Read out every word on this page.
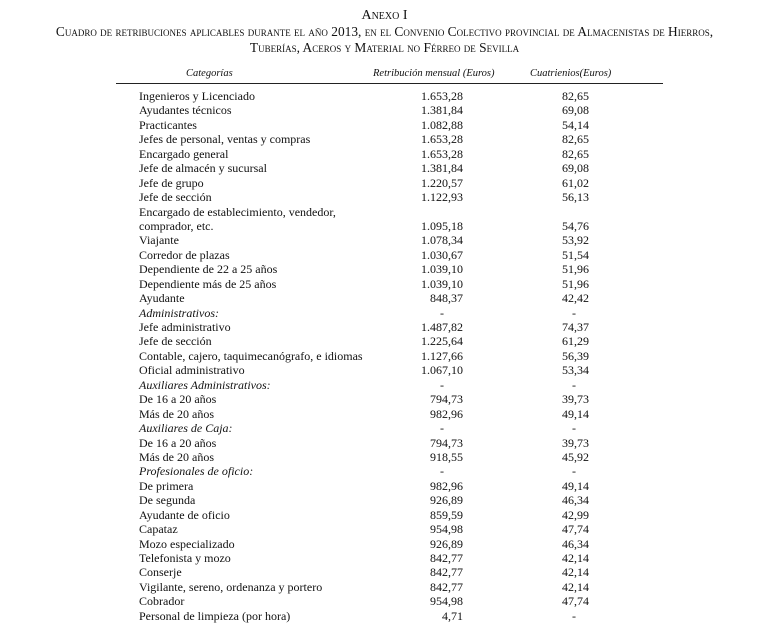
Anexo I
Cuadro de retribuciones aplicables durante el año 2013, en el Convenio Colectivo provincial de Almacenistas de Hierros,
Tuberías, Aceros y Material no Férreo de Sevilla
Categorías	Retribución mensual (Euros)	Cuatrienios(Euros)
Ingenieros y Licenciado	1.653,28	82,65
Ayudantes técnicos	1.381,84	69,08
Practicantes	1.082,88	54,14
Jefes de personal, ventas y compras	1.653,28	82,65
Encargado general	1.653,28	82,65
Jefe de almacén y sucursal	1.381,84	69,08
Jefe de grupo	1.220,57	61,02
Jefe de sección	1.122,93	56,13
Encargado de establecimiento, vendedor,
comprador, etc.	1.095,18	54,76
Viajante	1.078,34	53,92
Corredor de plazas	1.030,67	51,54
Dependiente de 22 a 25 años	1.039,10	51,96
Dependiente más de 25 años	1.039,10	51,96
Ayudante	848,37	42,42
Administrativos:	-	-
Jefe administrativo	1.487,82	74,37
Jefe de sección	1.225,64	61,29
Contable, cajero, taquimecanógrafo, e idiomas	1.127,66	56,39
Oficial administrativo	1.067,10	53,34
Auxiliares Administrativos:	-	-
De 16 a 20 años	794,73	39,73
Más de 20 años	982,96	49,14
Auxiliares de Caja:	-	-
De 16 a 20 años	794,73	39,73
Más de 20 años	918,55	45,92
Profesionales de oficio:	-	-
De primera	982,96	49,14
De segunda	926,89	46,34
Ayudante de oficio	859,59	42,99
Capataz	954,98	47,74
Mozo especializado	926,89	46,34
Telefonista y mozo	842,77	42,14
Conserje	842,77	42,14
Vigilante, sereno, ordenanza y portero	842,77	42,14
Cobrador	954,98	47,74
Personal de limpieza (por hora)	4,71	-
